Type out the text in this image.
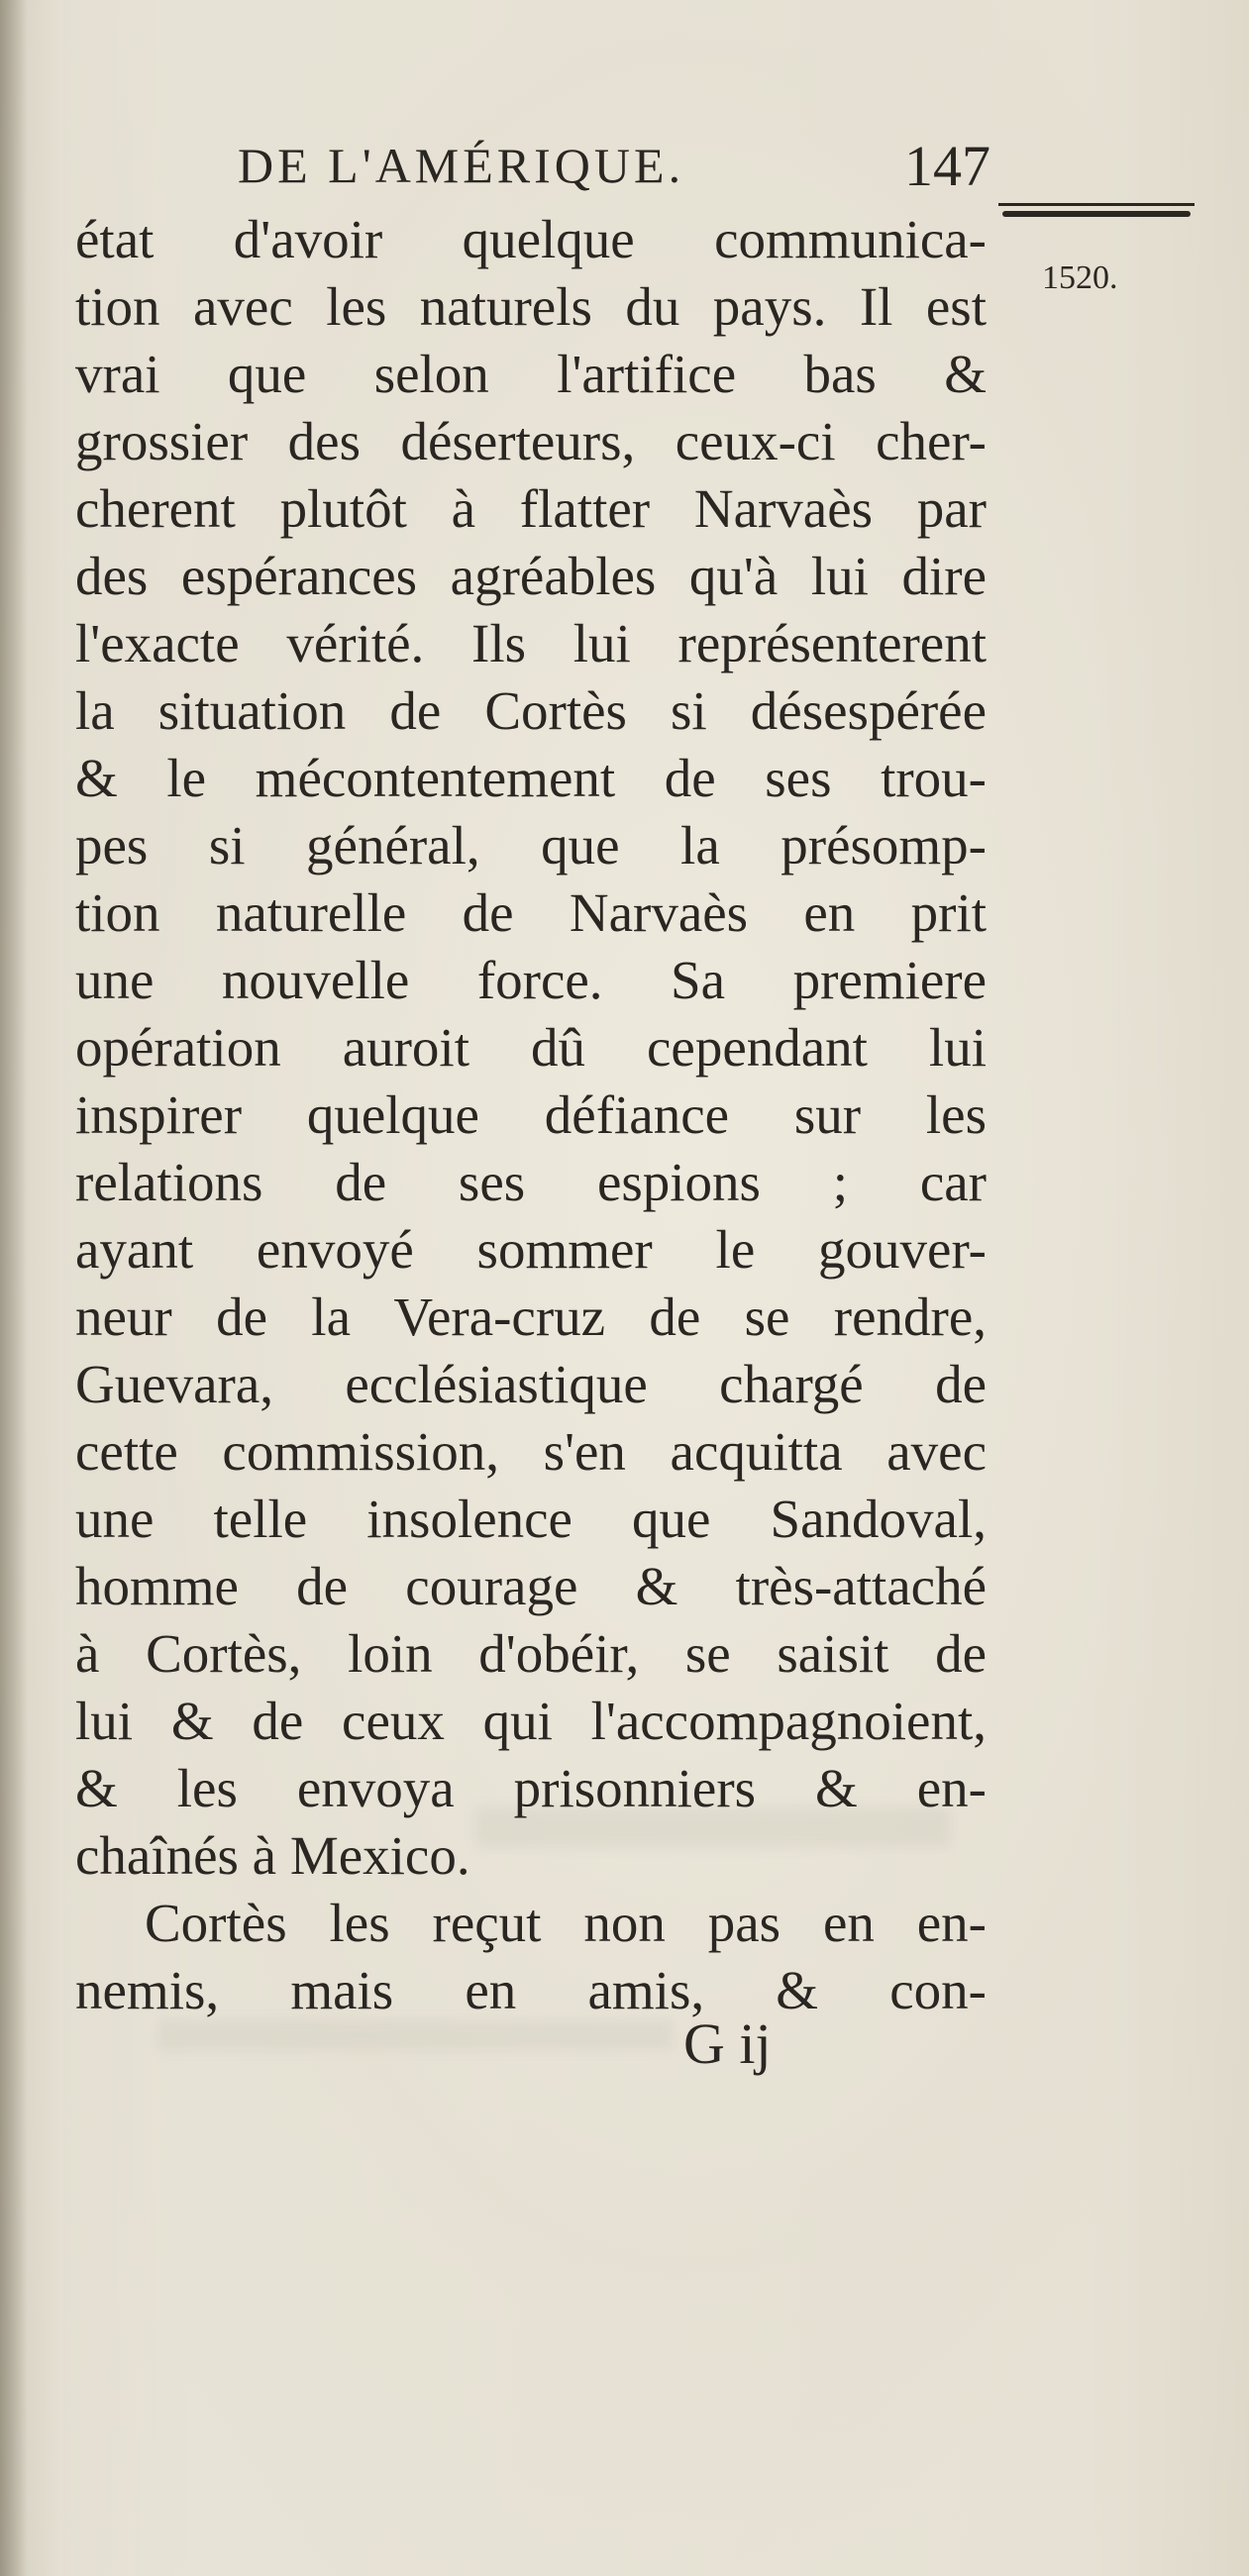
DE L'AMÉRIQUE.	147
1520.
état d'avoir quelque communica-
tion avec les naturels du pays. Il est
vrai que selon l'artifice bas &
grossier des déserteurs, ceux-ci cher-
cherent plutôt à flatter Narvaès par
des espérances agréables qu'à lui dire
l'exacte vérité. Ils lui représenterent
la situation de Cortès si désespérée
& le mécontentement de ses trou-
pes si général, que la présomp-
tion naturelle de Narvaès en prit
une nouvelle force. Sa premiere
opération auroit dû cependant lui
inspirer quelque défiance sur les
relations de ses espions ; car
ayant envoyé sommer le gouver-
neur de la Vera-cruz de se rendre,
Guevara, ecclésiastique chargé de
cette commission, s'en acquitta avec
une telle insolence que Sandoval,
homme de courage & très-attaché
à Cortès, loin d'obéir, se saisit de
lui & de ceux qui l'accompagnoient,
& les envoya prisonniers & en-
chaînés à Mexico.
Cortès les reçut non pas en en-
nemis, mais en amis, & con-
G ij
